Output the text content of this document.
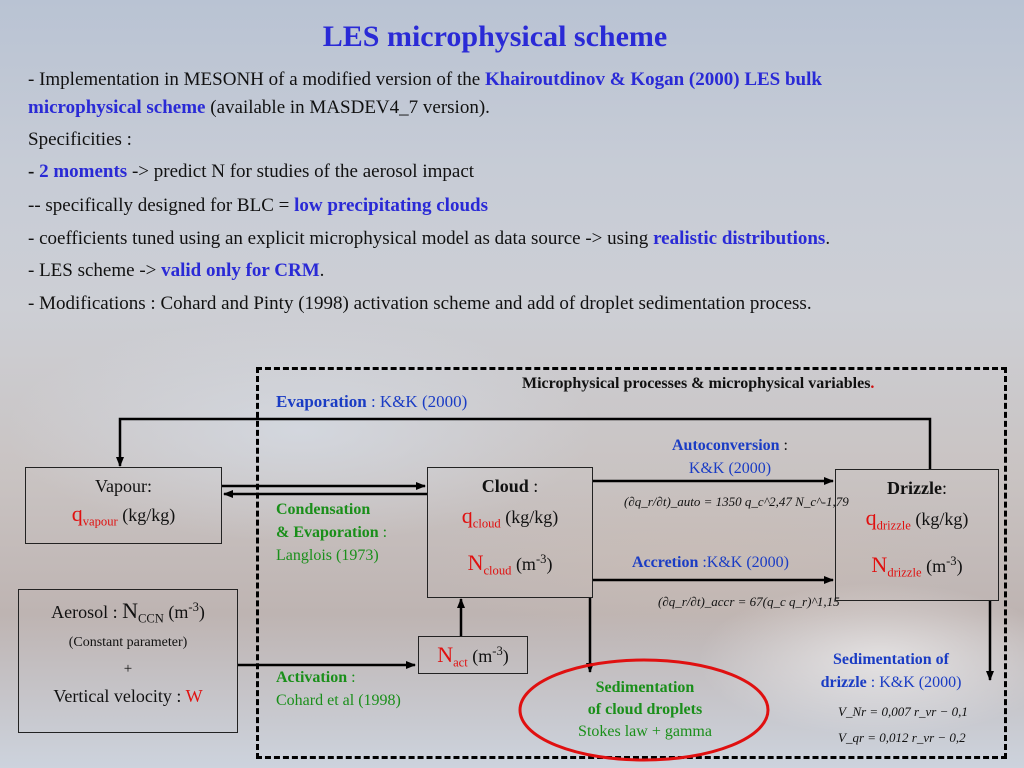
LES microphysical scheme
- Implementation in MESONH of a modified version of the Khairoutdinov & Kogan (2000) LES bulk
microphysical scheme (available in MASDEV4_7 version).
Specificities :
- 2 moments -> predict N for studies of the aerosol impact
-- specifically designed for BLC = low precipitating clouds
- coefficients tuned using an explicit microphysical model as data source -> using realistic distributions.
- LES scheme -> valid only for CRM.
- Modifications : Cohard and Pinty (1998) activation scheme and add of droplet sedimentation process.
Microphysical processes & microphysical variables.
Evaporation : K&K (2000)
Vapour:
$q_{vapour}$ (kg/kg)
Cloud :
$q_{cloud}$ (kg/kg)
$N_{cloud}$ $(m^{-3})$
Drizzle:
$q_{drizzle}$ (kg/kg)
$N_{drizzle}$ $(m^{-3})$
Aerosol : $N_{CCN}$ $(m^{-3})$
(Constant parameter)
+
Vertical velocity : W
$N_{act}$ $(m^{-3})$
Condensation
& Evaporation :
Langlois (1973)
Activation :
Cohard et al (1998)
Autoconversion :
K&K (2000)
(∂q_r/∂t)_auto = 1350 q_c^2,47 N_c^-1,79
Accretion :K&K (2000)
(∂q_r/∂t)_accr = 67(q_c q_r)^1,15
Sedimentation
of cloud droplets
Stokes law + gamma
Sedimentation of
drizzle : K&K (2000)
V_Nr = 0,007 r_vr − 0,1
V_qr = 0,012 r_vr − 0,2
